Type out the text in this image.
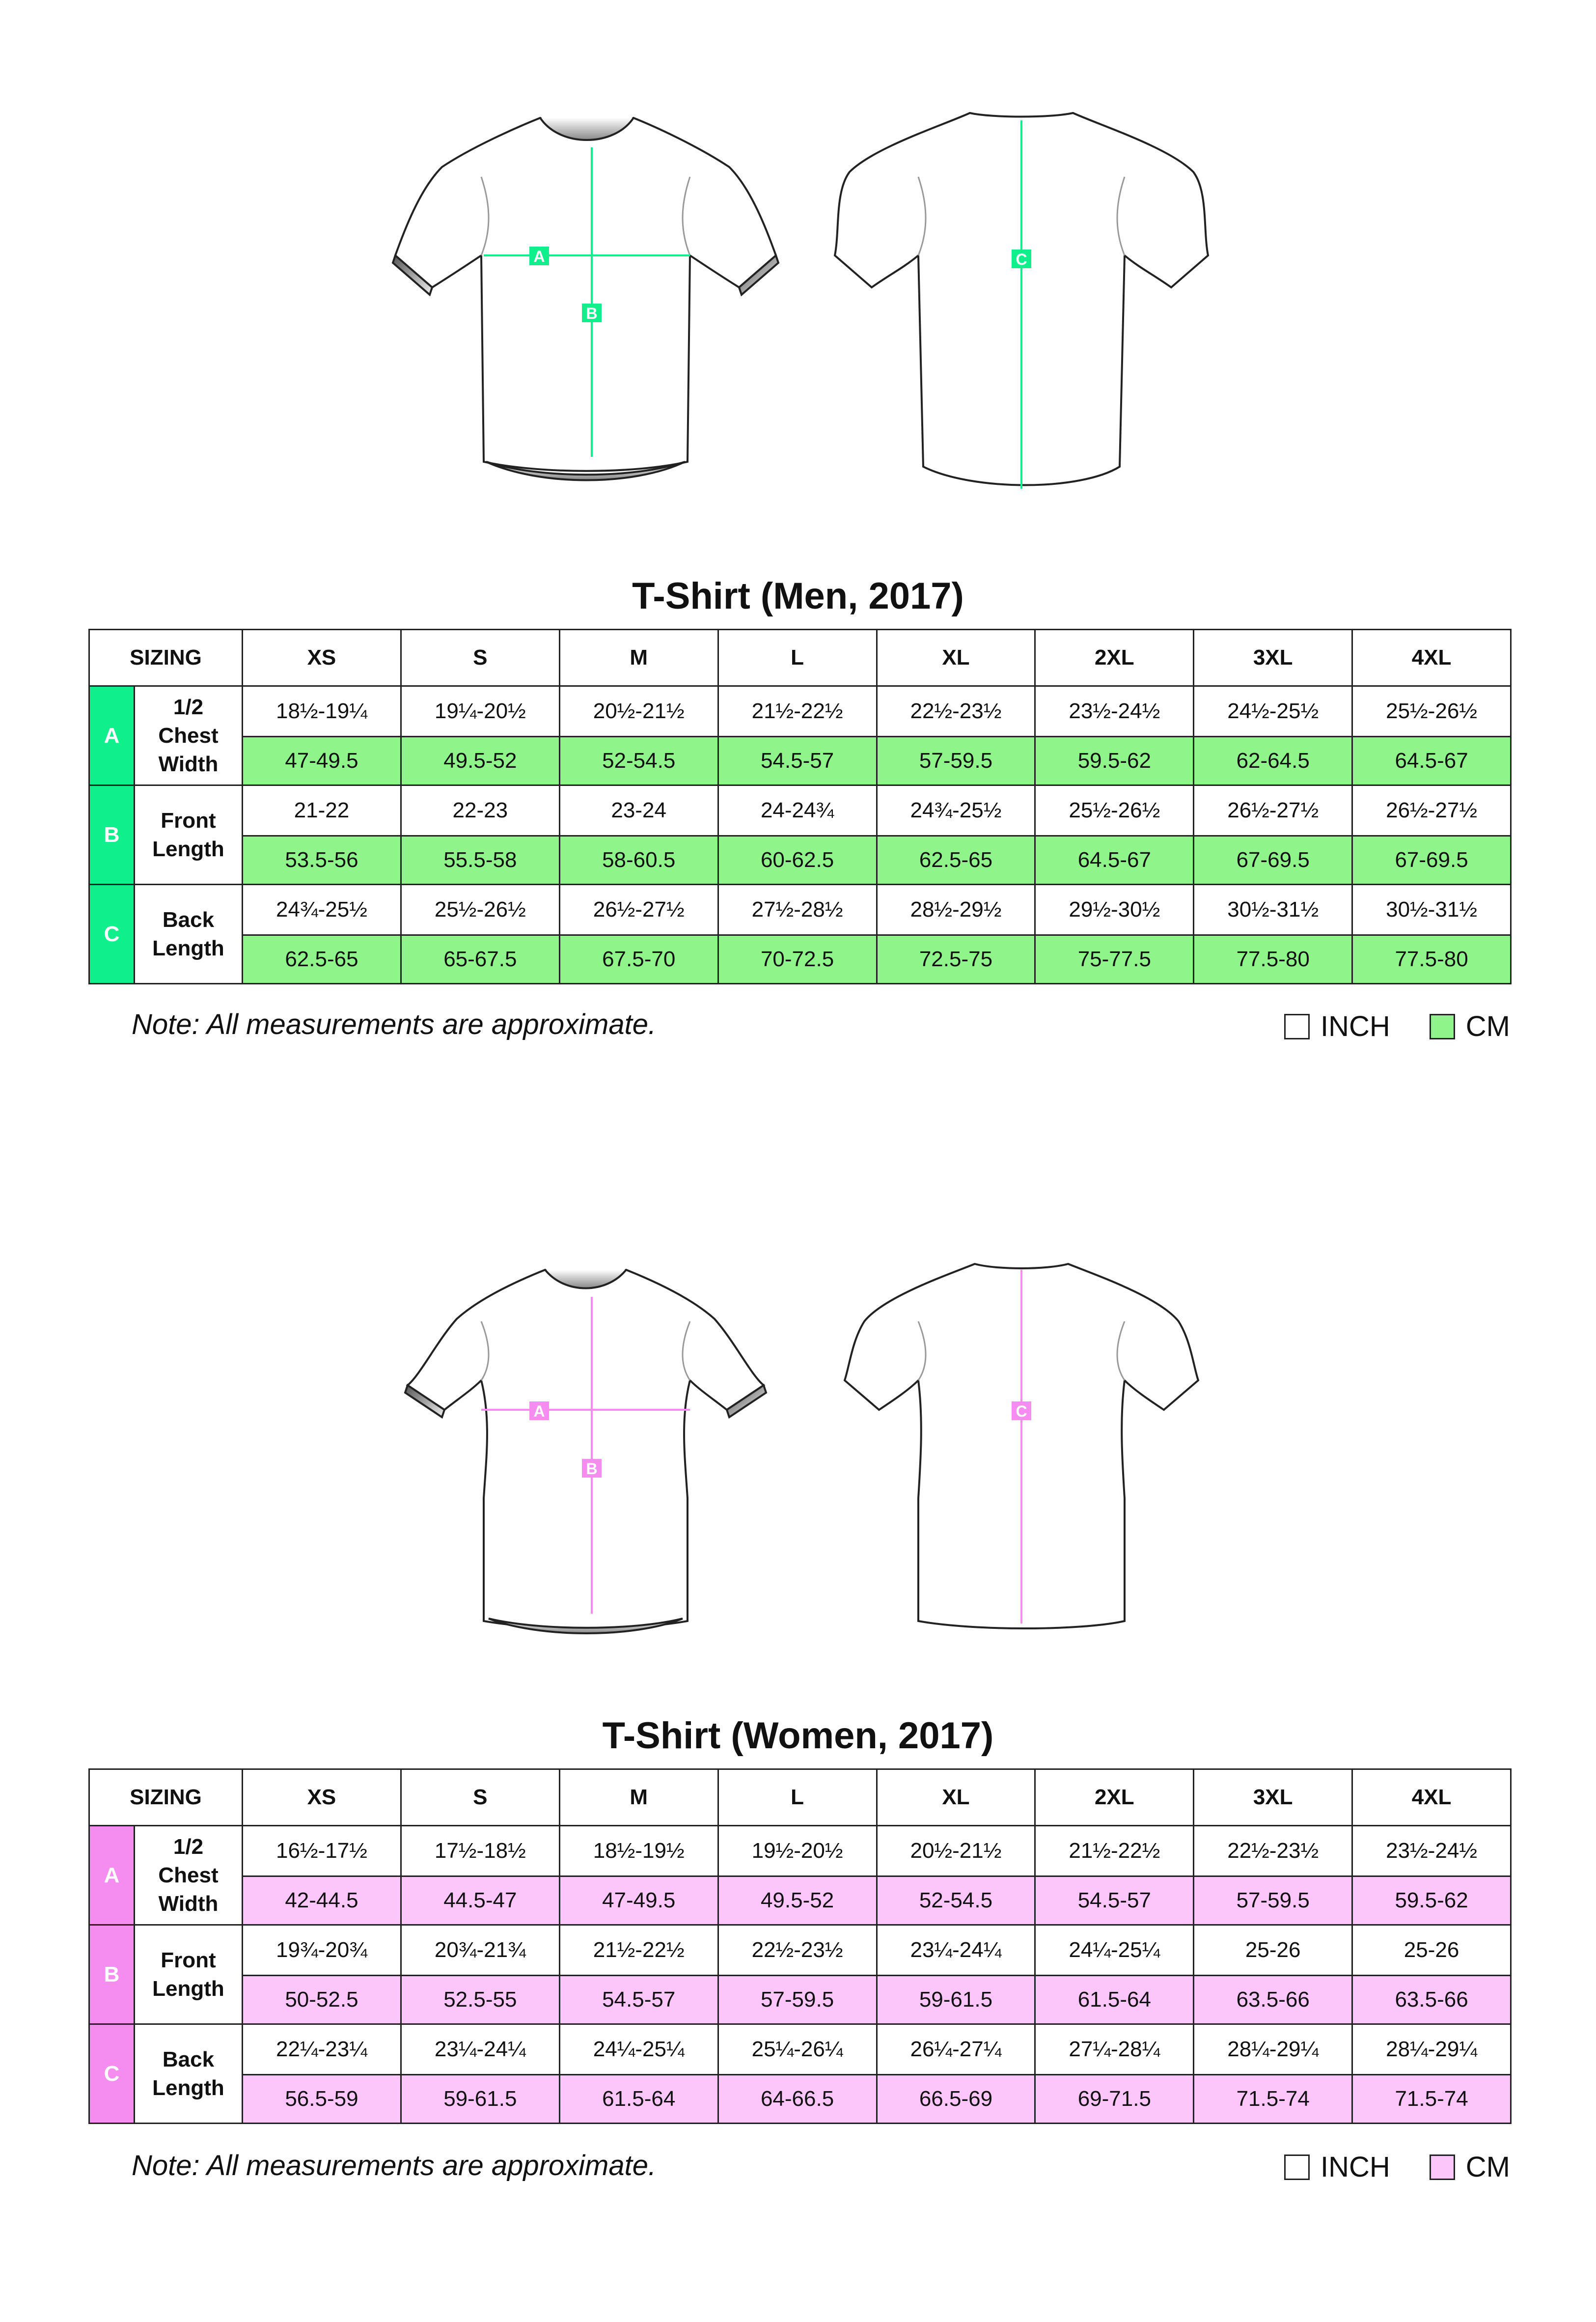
A
B
C
T-Shirt (Men, 2017)
SIZING		XS	S	M	L	XL	2XL	3XL	4XL
A	1/2
Chest
Width	18½-19¼	19¼-20½	20½-21½	21½-22½	22½-23½	23½-24½	24½-25½	25½-26½
		47-49.5	49.5-52	52-54.5	54.5-57	57-59.5	59.5-62	62-64.5	64.5-67
B	Front
Length	21-22	22-23	23-24	24-24¾	24¾-25½	25½-26½	26½-27½	26½-27½
		53.5-56	55.5-58	58-60.5	60-62.5	62.5-65	64.5-67	67-69.5	67-69.5
C	Back
Length	24¾-25½	25½-26½	26½-27½	27½-28½	28½-29½	29½-30½	30½-31½	30½-31½
		62.5-65	65-67.5	67.5-70	70-72.5	72.5-75	75-77.5	77.5-80	77.5-80
Note: All measurements are approximate.	INCH	CM
A
B
C
T-Shirt (Women, 2017)
SIZING		XS	S	M	L	XL	2XL	3XL	4XL
A	1/2
Chest
Width	16½-17½	17½-18½	18½-19½	19½-20½	20½-21½	21½-22½	22½-23½	23½-24½
		42-44.5	44.5-47	47-49.5	49.5-52	52-54.5	54.5-57	57-59.5	59.5-62
B	Front
Length	19¾-20¾	20¾-21¾	21½-22½	22½-23½	23¼-24¼	24¼-25¼	25-26	25-26
		50-52.5	52.5-55	54.5-57	57-59.5	59-61.5	61.5-64	63.5-66	63.5-66
C	Back
Length	22¼-23¼	23¼-24¼	24¼-25¼	25¼-26¼	26¼-27¼	27¼-28¼	28¼-29¼	28¼-29¼
		56.5-59	59-61.5	61.5-64	64-66.5	66.5-69	69-71.5	71.5-74	71.5-74
Note: All measurements are approximate.	INCH	CM
